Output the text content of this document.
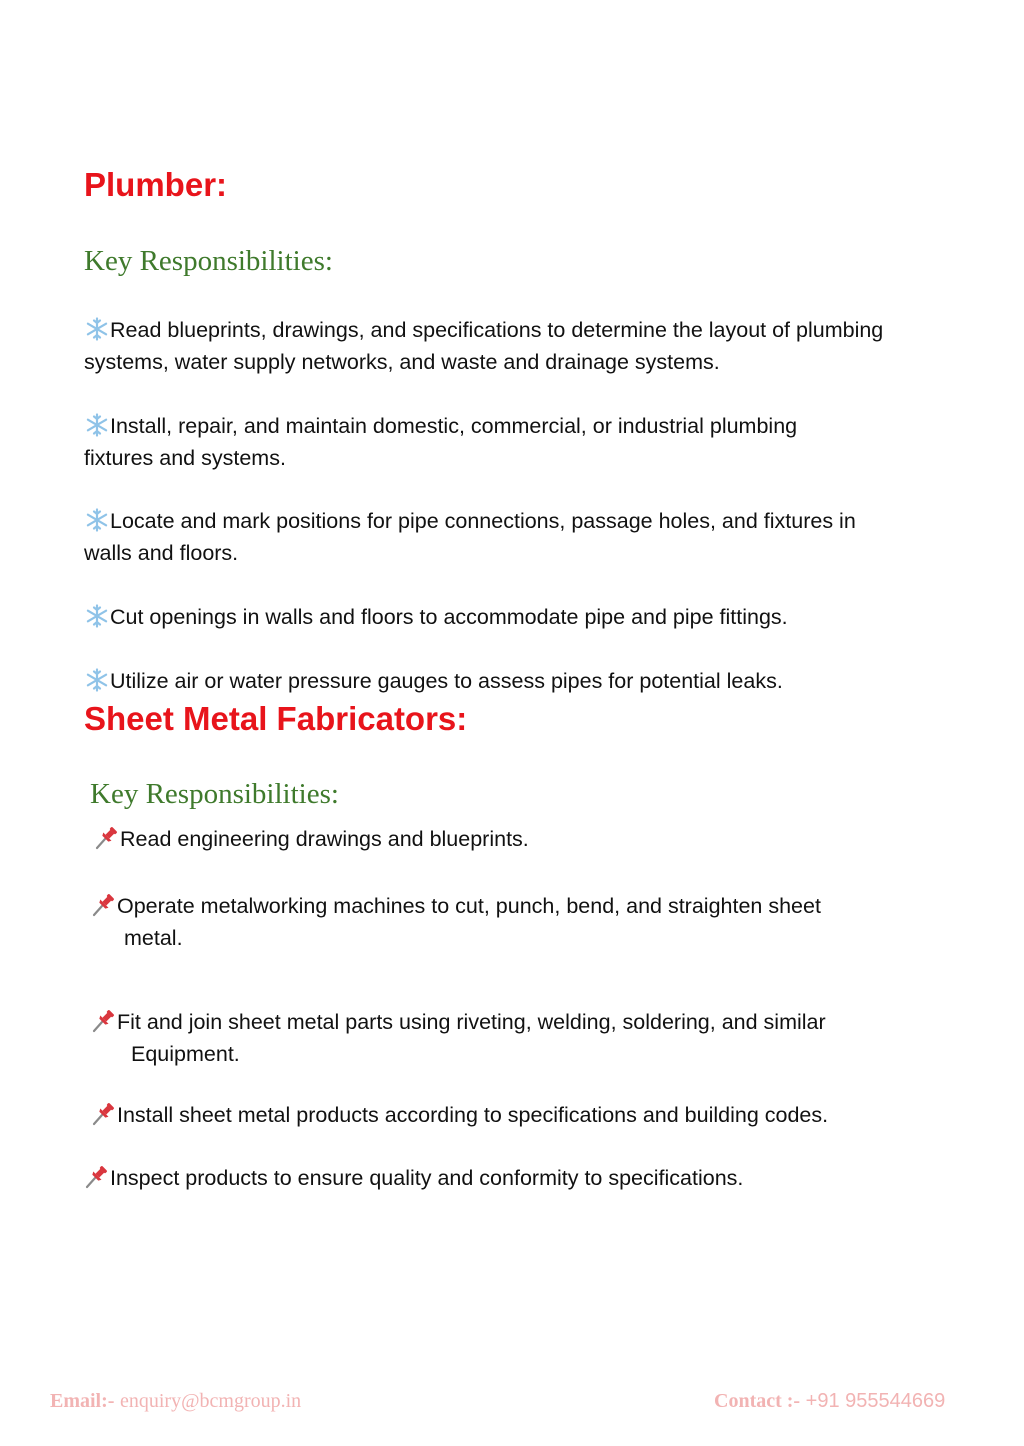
Plumber:
Key Responsibilities:

Read blueprints, drawings, and specifications to determine the layout of plumbing
systems, water supply networks, and waste and drainage systems.

Install, repair, and maintain domestic, commercial, or industrial plumbing
fixtures and systems.

Locate and mark positions for pipe connections, passage holes, and fixtures in
walls and floors.

Cut openings in walls and floors to accommodate pipe and pipe fittings.

Utilize air or water pressure gauges to assess pipes for potential leaks.

Sheet Metal Fabricators:
Key Responsibilities:

Read engineering drawings and blueprints.

Operate metalworking machines to cut, punch, bend, and straighten sheet
metal.

Fit and join sheet metal parts using riveting, welding, soldering, and similar
Equipment.

Install sheet metal products according to specifications and building codes.

Inspect products to ensure quality and conformity to specifications.

Email:- enquiry@bcmgroup.in	Contact :- +91 955544669
